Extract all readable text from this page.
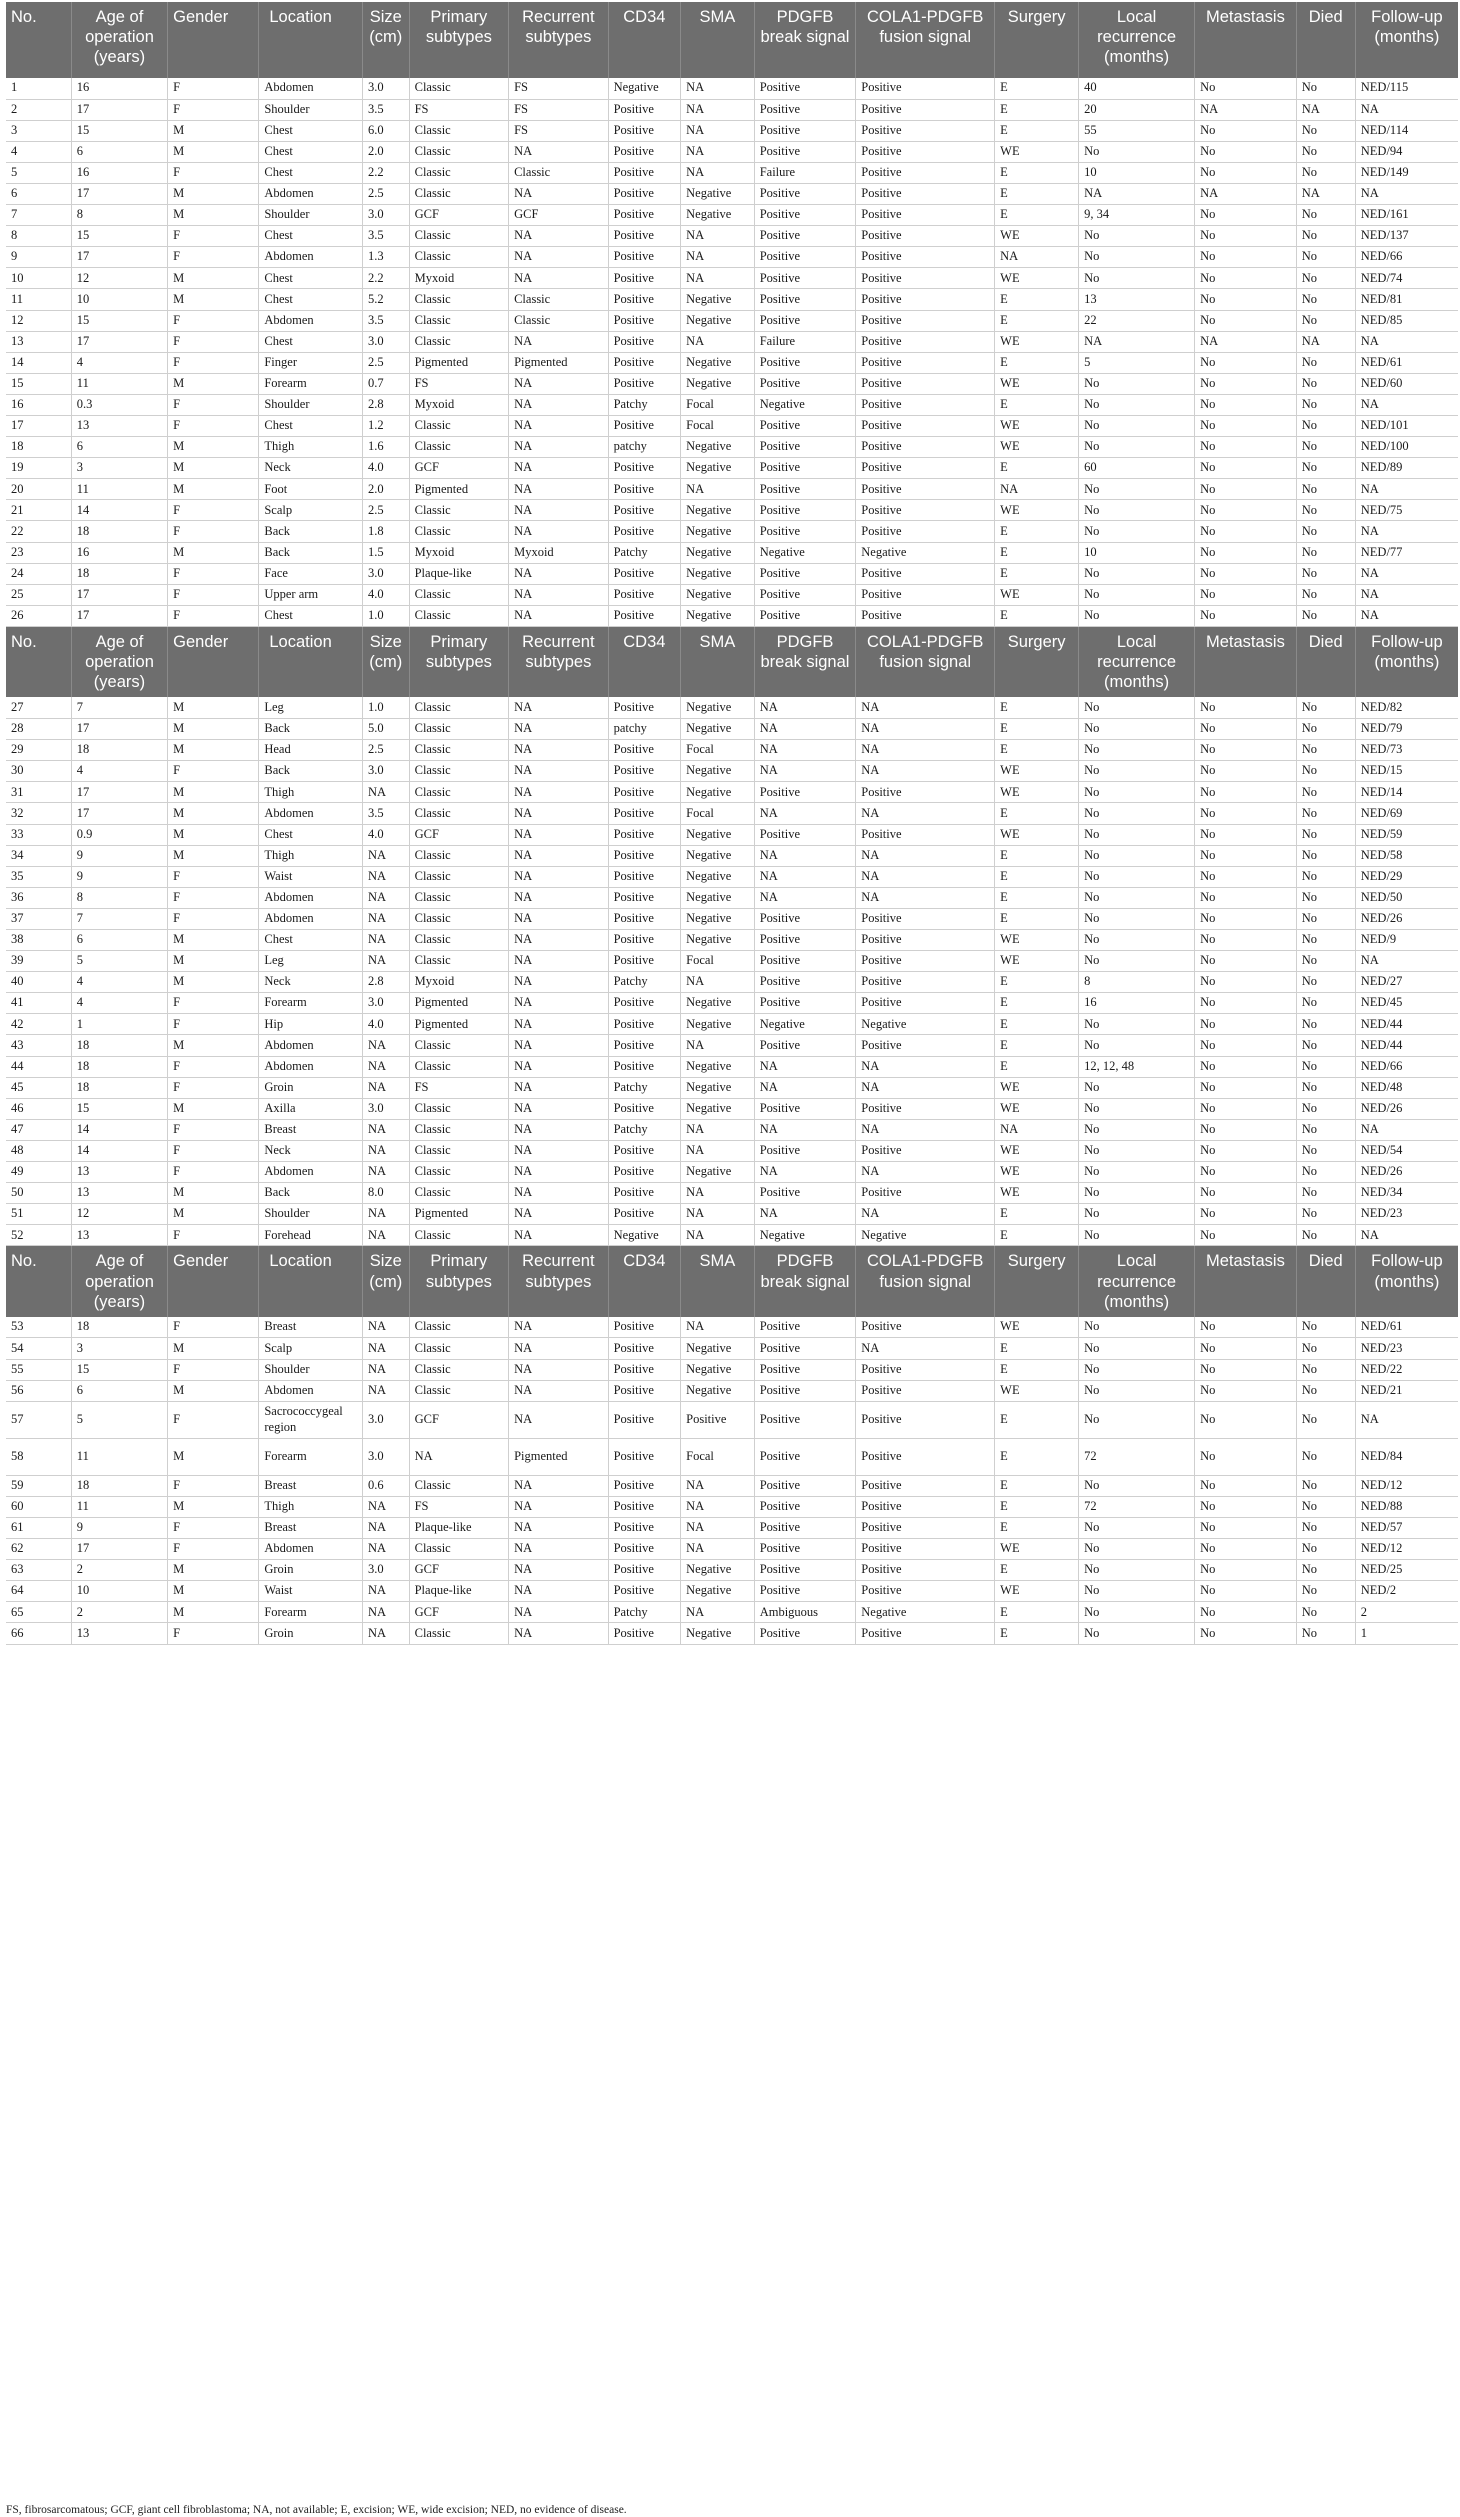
No.	Age of operation (years)	Gender	Location	Size (cm)	Primary subtypes	Recurrent subtypes	CD34	SMA	PDGFB break signal	COLA1-PDGFB fusion signal	Surgery	Local recurrence (months)	Metastasis	Died	Follow-up (months)
1	16	F	Abdomen	3.0	Classic	FS	Negative	NA	Positive	Positive	E	40	No	No	NED/115
2	17	F	Shoulder	3.5	FS	FS	Positive	NA	Positive	Positive	E	20	NA	NA	NA
3	15	M	Chest	6.0	Classic	FS	Positive	NA	Positive	Positive	E	55	No	No	NED/114
4	6	M	Chest	2.0	Classic	NA	Positive	NA	Positive	Positive	WE	No	No	No	NED/94
5	16	F	Chest	2.2	Classic	Classic	Positive	NA	Failure	Positive	E	10	No	No	NED/149
6	17	M	Abdomen	2.5	Classic	NA	Positive	Negative	Positive	Positive	E	NA	NA	NA	NA
7	8	M	Shoulder	3.0	GCF	GCF	Positive	Negative	Positive	Positive	E	9, 34	No	No	NED/161
8	15	F	Chest	3.5	Classic	NA	Positive	NA	Positive	Positive	WE	No	No	No	NED/137
9	17	F	Abdomen	1.3	Classic	NA	Positive	NA	Positive	Positive	NA	No	No	No	NED/66
10	12	M	Chest	2.2	Myxoid	NA	Positive	NA	Positive	Positive	WE	No	No	No	NED/74
11	10	M	Chest	5.2	Classic	Classic	Positive	Negative	Positive	Positive	E	13	No	No	NED/81
12	15	F	Abdomen	3.5	Classic	Classic	Positive	Negative	Positive	Positive	E	22	No	No	NED/85
13	17	F	Chest	3.0	Classic	NA	Positive	NA	Failure	Positive	WE	NA	NA	NA	NA
14	4	F	Finger	2.5	Pigmented	Pigmented	Positive	Negative	Positive	Positive	E	5	No	No	NED/61
15	11	M	Forearm	0.7	FS	NA	Positive	Negative	Positive	Positive	WE	No	No	No	NED/60
16	0.3	F	Shoulder	2.8	Myxoid	NA	Patchy	Focal	Negative	Positive	E	No	No	No	NA
17	13	F	Chest	1.2	Classic	NA	Positive	Focal	Positive	Positive	WE	No	No	No	NED/101
18	6	M	Thigh	1.6	Classic	NA	patchy	Negative	Positive	Positive	WE	No	No	No	NED/100
19	3	M	Neck	4.0	GCF	NA	Positive	Negative	Positive	Positive	E	60	No	No	NED/89
20	11	M	Foot	2.0	Pigmented	NA	Positive	NA	Positive	Positive	NA	No	No	No	NA
21	14	F	Scalp	2.5	Classic	NA	Positive	Negative	Positive	Positive	WE	No	No	No	NED/75
22	18	F	Back	1.8	Classic	NA	Positive	Negative	Positive	Positive	E	No	No	No	NA
23	16	M	Back	1.5	Myxoid	Myxoid	Patchy	Negative	Negative	Negative	E	10	No	No	NED/77
24	18	F	Face	3.0	Plaque-like	NA	Positive	Negative	Positive	Positive	E	No	No	No	NA
25	17	F	Upper arm	4.0	Classic	NA	Positive	Negative	Positive	Positive	WE	No	No	No	NA
26	17	F	Chest	1.0	Classic	NA	Positive	Negative	Positive	Positive	E	No	No	No	NA
No.	Age of operation (years)	Gender	Location	Size (cm)	Primary subtypes	Recurrent subtypes	CD34	SMA	PDGFB break signal	COLA1-PDGFB fusion signal	Surgery	Local recurrence (months)	Metastasis	Died	Follow-up (months)
27	7	M	Leg	1.0	Classic	NA	Positive	Negative	NA	NA	E	No	No	No	NED/82
28	17	M	Back	5.0	Classic	NA	patchy	Negative	NA	NA	E	No	No	No	NED/79
29	18	M	Head	2.5	Classic	NA	Positive	Focal	NA	NA	E	No	No	No	NED/73
30	4	F	Back	3.0	Classic	NA	Positive	Negative	NA	NA	WE	No	No	No	NED/15
31	17	M	Thigh	NA	Classic	NA	Positive	Negative	Positive	Positive	WE	No	No	No	NED/14
32	17	M	Abdomen	3.5	Classic	NA	Positive	Focal	NA	NA	E	No	No	No	NED/69
33	0.9	M	Chest	4.0	GCF	NA	Positive	Negative	Positive	Positive	WE	No	No	No	NED/59
34	9	M	Thigh	NA	Classic	NA	Positive	Negative	NA	NA	E	No	No	No	NED/58
35	9	F	Waist	NA	Classic	NA	Positive	Negative	NA	NA	E	No	No	No	NED/29
36	8	F	Abdomen	NA	Classic	NA	Positive	Negative	NA	NA	E	No	No	No	NED/50
37	7	F	Abdomen	NA	Classic	NA	Positive	Negative	Positive	Positive	E	No	No	No	NED/26
38	6	M	Chest	NA	Classic	NA	Positive	Negative	Positive	Positive	WE	No	No	No	NED/9
39	5	M	Leg	NA	Classic	NA	Positive	Focal	Positive	Positive	WE	No	No	No	NA
40	4	M	Neck	2.8	Myxoid	NA	Patchy	NA	Positive	Positive	E	8	No	No	NED/27
41	4	F	Forearm	3.0	Pigmented	NA	Positive	Negative	Positive	Positive	E	16	No	No	NED/45
42	1	F	Hip	4.0	Pigmented	NA	Positive	Negative	Negative	Negative	E	No	No	No	NED/44
43	18	M	Abdomen	NA	Classic	NA	Positive	NA	Positive	Positive	E	No	No	No	NED/44
44	18	F	Abdomen	NA	Classic	NA	Positive	Negative	NA	NA	E	12, 12, 48	No	No	NED/66
45	18	F	Groin	NA	FS	NA	Patchy	Negative	NA	NA	WE	No	No	No	NED/48
46	15	M	Axilla	3.0	Classic	NA	Positive	Negative	Positive	Positive	WE	No	No	No	NED/26
47	14	F	Breast	NA	Classic	NA	Patchy	NA	NA	NA	NA	No	No	No	NA
48	14	F	Neck	NA	Classic	NA	Positive	NA	Positive	Positive	WE	No	No	No	NED/54
49	13	F	Abdomen	NA	Classic	NA	Positive	Negative	NA	NA	WE	No	No	No	NED/26
50	13	M	Back	8.0	Classic	NA	Positive	NA	Positive	Positive	WE	No	No	No	NED/34
51	12	M	Shoulder	NA	Pigmented	NA	Positive	NA	NA	NA	E	No	No	No	NED/23
52	13	F	Forehead	NA	Classic	NA	Negative	NA	Negative	Negative	E	No	No	No	NA
No.	Age of operation (years)	Gender	Location	Size (cm)	Primary subtypes	Recurrent subtypes	CD34	SMA	PDGFB break signal	COLA1-PDGFB fusion signal	Surgery	Local recurrence (months)	Metastasis	Died	Follow-up (months)
53	18	F	Breast	NA	Classic	NA	Positive	NA	Positive	Positive	WE	No	No	No	NED/61
54	3	M	Scalp	NA	Classic	NA	Positive	Negative	Positive	NA	E	No	No	No	NED/23
55	15	F	Shoulder	NA	Classic	NA	Positive	Negative	Positive	Positive	E	No	No	No	NED/22
56	6	M	Abdomen	NA	Classic	NA	Positive	Negative	Positive	Positive	WE	No	No	No	NED/21
57	5	F	Sacrococcygeal region	3.0	GCF	NA	Positive	Positive	Positive	Positive	E	No	No	No	NA
58	11	M	Forearm	3.0	NA	Pigmented	Positive	Focal	Positive	Positive	E	72	No	No	NED/84
59	18	F	Breast	0.6	Classic	NA	Positive	NA	Positive	Positive	E	No	No	No	NED/12
60	11	M	Thigh	NA	FS	NA	Positive	NA	Positive	Positive	E	72	No	No	NED/88
61	9	F	Breast	NA	Plaque-like	NA	Positive	NA	Positive	Positive	E	No	No	No	NED/57
62	17	F	Abdomen	NA	Classic	NA	Positive	NA	Positive	Positive	WE	No	No	No	NED/12
63	2	M	Groin	3.0	GCF	NA	Positive	Negative	Positive	Positive	E	No	No	No	NED/25
64	10	M	Waist	NA	Plaque-like	NA	Positive	Negative	Positive	Positive	WE	No	No	No	NED/2
65	2	M	Forearm	NA	GCF	NA	Patchy	NA	Ambiguous	Negative	E	No	No	No	2
66	13	F	Groin	NA	Classic	NA	Positive	Negative	Positive	Positive	E	No	No	No	1
FS, fibrosarcomatous; GCF, giant cell fibroblastoma; NA, not available; E, excision; WE, wide excision; NED, no evidence of disease.
